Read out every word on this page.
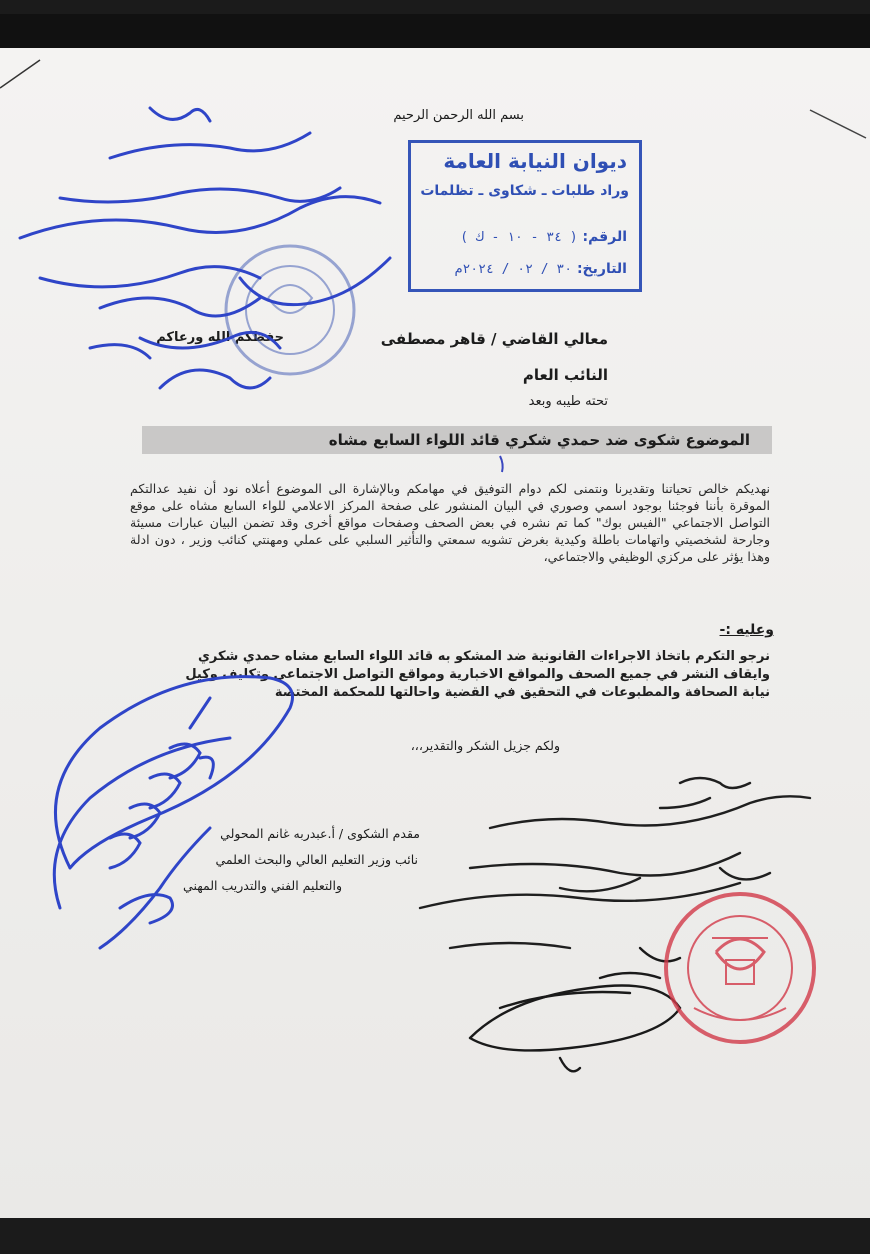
بسم الله الرحمن الرحيم
ديوان النيابة العامة
وراد طلبات ـ شكاوى ـ تظلمات
الرقم: ( ٣٤ - ١٠ - ك )
التاريخ: ٣٠ / ٠٢ / ٢٠٢٤م
معالي القاضي / قاهر مصطفى
النائب العام
تحته طيبه وبعد
حفظكم الله ورعاكم
الموضوع شكوى ضد حمدي شكري قائد اللواء السابع مشاه
نهديكم خالص تحياتنا وتقديرنا ونتمنى لكم دوام التوفيق في مهامكم وبالإشارة الى الموضوع أعلاه نود أن نفيد عدالتكم الموقرة بأننا فوجئنا بوجود اسمي وصوري في البيان المنشور على صفحة المركز الاعلامي للواء السابع مشاه على موقع التواصل الاجتماعي "الفيس بوك" كما تم نشره في بعض الصحف وصفحات مواقع أخرى وقد تضمن البيان عبارات مسيئة وجارحة لشخصيتي واتهامات باطلة وكيدية بغرض تشويه سمعتي والتأثير السلبي على عملي ومهنتي كنائب وزير ، دون ادلة وهذا يؤثر على مركزي الوظيفي والاجتماعي،
وعليه :-
نرجو التكرم باتخاذ الاجراءات القانونية ضد المشكو به قائد اللواء السابع مشاه حمدي شكري وايقاف النشر في جميع الصحف والمواقع الاخبارية ومواقع التواصل الاجتماعي وتكليف وكيل نيابة الصحافة والمطبوعات في التحقيق في القضية واحالتها للمحكمة المختصة
ولكم جزيل الشكر والتقدير،،،
مقدم الشكوى / أ.عبدربه غانم المحولي
نائب وزير التعليم العالي والبحث العلمي
والتعليم الفني والتدريب المهني
